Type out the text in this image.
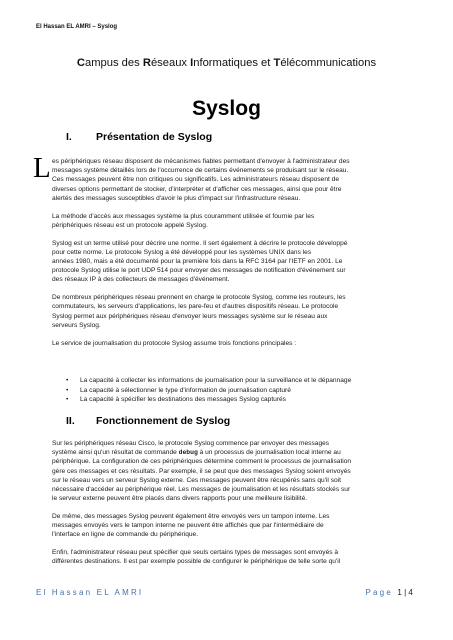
El Hassan EL AMRI – Syslog
Campus des Réseaux Informatiques et Télécommunications
Syslog
I. Présentation de Syslog
L es périphériques réseau disposent de mécanismes fiables permettant d'envoyer à l'administrateur des
messages système détaillés lors de l'occurrence de certains événements se produisant sur le réseau.
Ces messages peuvent être non critiques ou significatifs. Les administrateurs réseau disposent de
diverses options permettant de stocker, d'interpréter et d'afficher ces messages, ainsi que pour être
alertés des messages susceptibles d'avoir le plus d'impact sur l'infrastructure réseau.

La méthode d'accès aux messages système la plus couramment utilisée et fournie par les
périphériques réseau est un protocole appelé Syslog.

Syslog est un terme utilisé pour décrire une norme. Il sert également à décrire le protocole développé
pour cette norme. Le protocole Syslog a été développé pour les systèmes UNIX dans les
années 1980, mais a été documenté pour la première fois dans la RFC 3164 par l'IETF en 2001. Le
protocole Syslog utilise le port UDP 514 pour envoyer des messages de notification d'événement sur
des réseaux IP à des collecteurs de messages d'événement.

De nombreux périphériques réseau prennent en charge le protocole Syslog, comme les routeurs, les
commutateurs, les serveurs d'applications, les pare-feu et d'autres dispositifs réseau. Le protocole
Syslog permet aux périphériques réseau d'envoyer leurs messages système sur le réseau aux
serveurs Syslog.

Le service de journalisation du protocole Syslog assume trois fonctions principales :

• La capacité à collecter les informations de journalisation pour la surveillance et le dépannage
• La capacité à sélectionner le type d'information de journalisation capturé
• La capacité à spécifier les destinations des messages Syslog capturés
II. Fonctionnement de Syslog

Sur les périphériques réseau Cisco, le protocole Syslog commence par envoyer des messages
système ainsi qu'un résultat de commande debug à un processus de journalisation local interne au
périphérique. La configuration de ces périphériques détermine comment le processus de journalisation
gère ces messages et ces résultats. Par exemple, il se peut que des messages Syslog soient envoyés
sur le réseau vers un serveur Syslog externe. Ces messages peuvent être récupérés sans qu'il soit
nécessaire d'accéder au périphérique réel. Les messages de journalisation et les résultats stockés sur
le serveur externe peuvent être placés dans divers rapports pour une meilleure lisibilité.

De même, des messages Syslog peuvent également être envoyés vers un tampon interne. Les
messages envoyés vers le tampon interne ne peuvent être affichés que par l'intermédiaire de
l'interface en ligne de commande du périphérique.

Enfin, l'administrateur réseau peut spécifier que seuls certains types de messages sont envoyés à
différentes destinations. Il est par exemple possible de configurer le périphérique de telle sorte qu'il

El Hassan EL AMRI	Page 1|4
